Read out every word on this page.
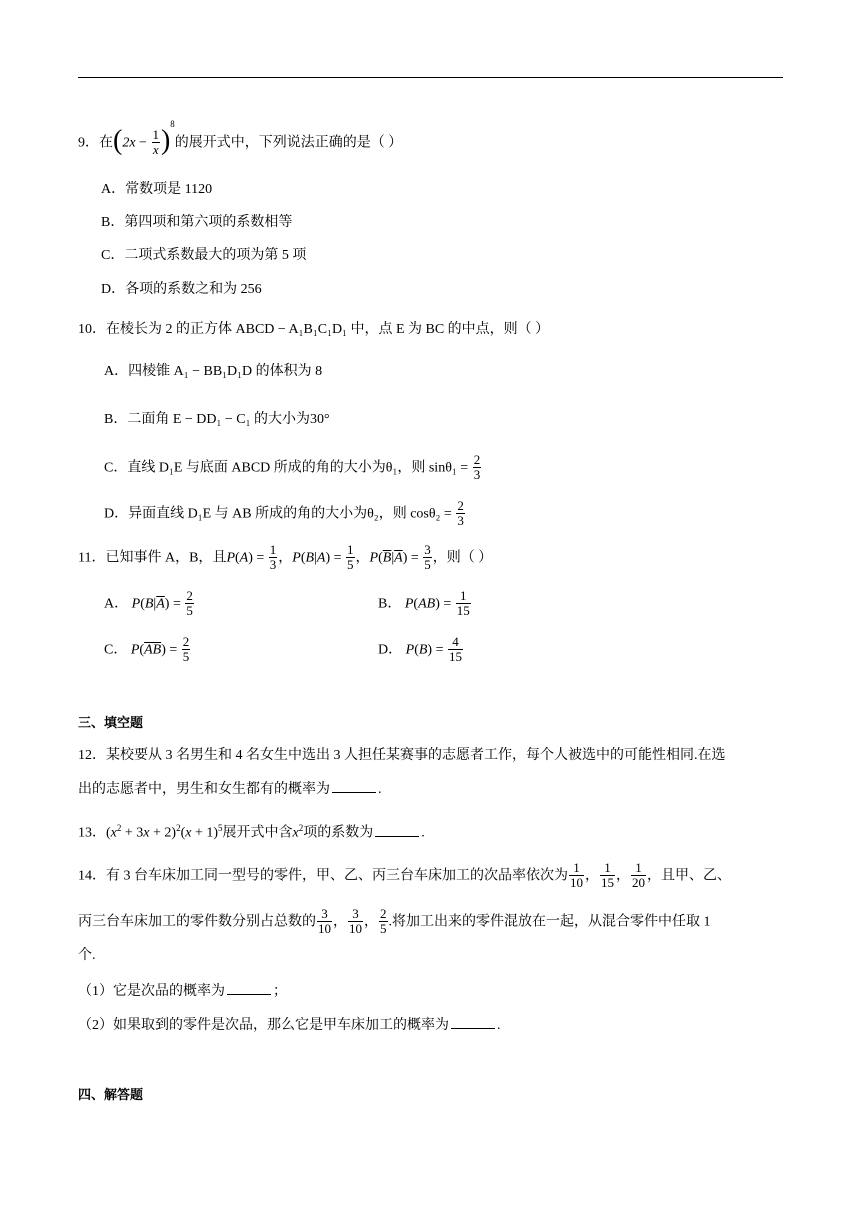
9．在$(2x - \frac{1}{x} )^8$的展开式中，下列说法正确的是（ ）
A．常数项是 1120
B．第四项和第六项的系数相等
C．二项式系数最大的项为第 5 项
D．各项的系数之和为 256
10．在棱长为 2 的正方体 ABCD − A₁B₁C₁D₁ 中，点 E 为 BC 的中点，则（ ）
A．四棱锥 A₁ − BB₁D₁D 的体积为 8
B．二面角 E − DD₁ − C₁ 的大小为30°
C．直线 D₁E 与底面 ABCD 所成的角的大小为θ₁，则 $\sin\theta_1 = \frac{2}{3}$
D．异面直线 D₁E 与 AB 所成的角的大小为θ₂，则 $\cos\theta_2 = \frac{2}{3}$
11．已知事件 A，B，且$P(A) = \frac{1}{3}$ ，$P(B|A) = \frac{1}{5}$ ，$P(\overline{B}|\overline{A}) = \frac{3}{5}$ ，则（ ）
A． $P(B|\overline{A}) = \frac{2}{5}$	B． $P(AB) = \frac{1}{15}$
C． $P(\overline{AB}) = \frac{2}{5}$	D． $P(B) = \frac{4}{15}$
三、填空题
12．某校要从 3 名男生和 4 名女生中选出 3 人担任某赛事的志愿者工作，每个人被选中的可能性相同.在选
出的志愿者中，男生和女生都有的概率为	.
13．$(x^2 + 3x + 2)^2(x + 1)^5$展开式中含$x^2$项的系数为	.
14．有 3 台车床加工同一型号的零件，甲、乙、丙三台车床加工的次品率依次为 $\frac{1}{10}$ ， $\frac{1}{15}$ ， $\frac{1}{20}$ ，且甲、乙、
丙三台车床加工的零件数分别占总数的 $\frac{3}{10}$ ， $\frac{3}{10}$ ， $\frac{2}{5}$ .将加工出来的零件混放在一起，从混合零件中任取 1
个.
（1）它是次品的概率为	；
（2）如果取到的零件是次品，那么它是甲车床加工的概率为	.
四、解答题
